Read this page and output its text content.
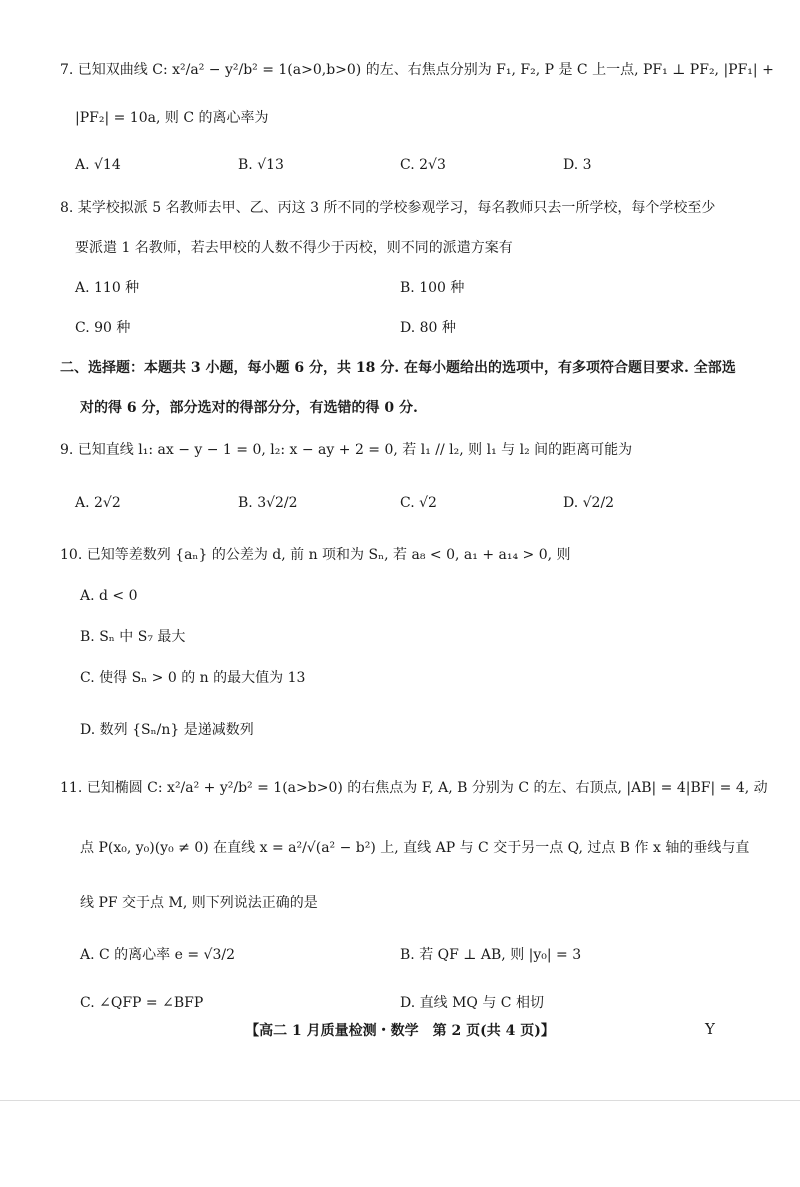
7. 已知双曲线 C: x²/a² − y²/b² = 1(a>0,b>0) 的左、右焦点分别为 F₁, F₂, P 是 C 上一点, PF₁ ⊥ PF₂, |PF₁| +
|PF₂| = 10a, 则 C 的离心率为
A. √14	B. √13	C. 2√3	D. 3
8. 某学校拟派 5 名教师去甲、乙、丙这 3 所不同的学校参观学习，每名教师只去一所学校，每个学校至少
要派遣 1 名教师，若去甲校的人数不得少于丙校，则不同的派遣方案有
A. 110 种	B. 100 种
C. 90 种	D. 80 种
二、选择题：本题共 3 小题，每小题 6 分，共 18 分. 在每小题给出的选项中，有多项符合题目要求. 全部选
对的得 6 分，部分选对的得部分分，有选错的得 0 分.
9. 已知直线 l₁: ax − y − 1 = 0, l₂: x − ay + 2 = 0, 若 l₁ // l₂, 则 l₁ 与 l₂ 间的距离可能为
A. 2√2	B. 3√2/2	C. √2	D. √2/2
10. 已知等差数列 {aₙ} 的公差为 d, 前 n 项和为 Sₙ, 若 a₈ < 0, a₁ + a₁₄ > 0, 则
A. d < 0
B. Sₙ 中 S₇ 最大
C. 使得 Sₙ > 0 的 n 的最大值为 13
D. 数列 {Sₙ/n} 是递减数列
11. 已知椭圆 C: x²/a² + y²/b² = 1(a>b>0) 的右焦点为 F, A, B 分别为 C 的左、右顶点, |AB| = 4|BF| = 4, 动
点 P(x₀, y₀)(y₀ ≠ 0) 在直线 x = a²/√(a² − b²) 上, 直线 AP 与 C 交于另一点 Q, 过点 B 作 x 轴的垂线与直
线 PF 交于点 M, 则下列说法正确的是
A. C 的离心率 e = √3/2	B. 若 QF ⊥ AB, 则 |y₀| = 3
C. ∠QFP = ∠BFP	D. 直线 MQ 与 C 相切
【高二 1 月质量检测・数学　第 2 页(共 4 页)】	Y
